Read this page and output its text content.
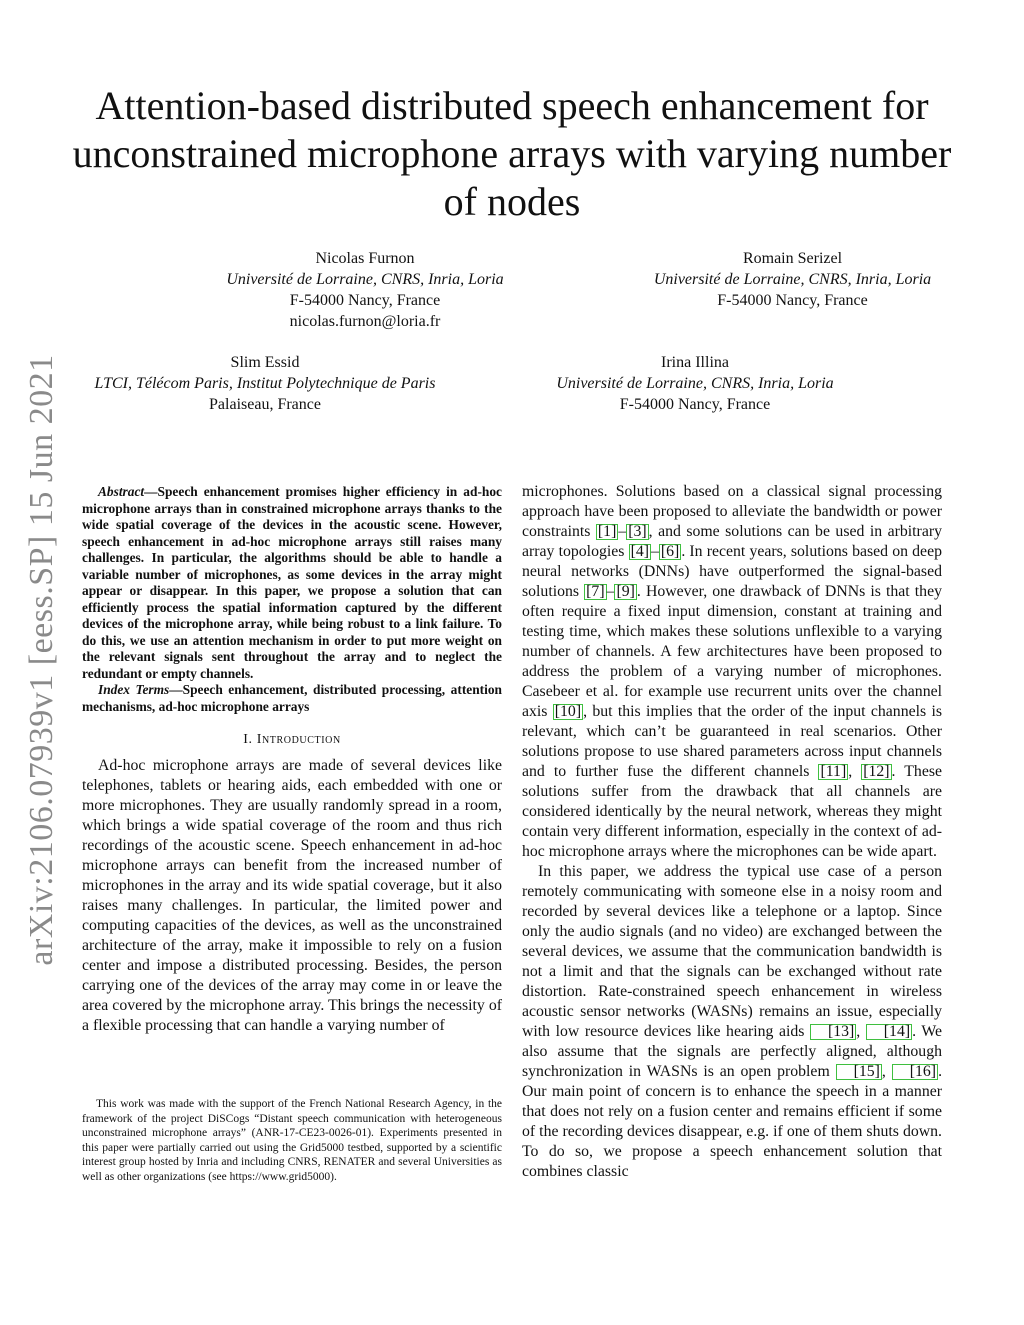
arXiv:2106.07939v1 [eess.SP] 15 Jun 2021
Attention-based distributed speech enhancement for unconstrained microphone arrays with varying number of nodes
Nicolas Furnon
Université de Lorraine, CNRS, Inria, Loria
F-54000 Nancy, France
nicolas.furnon@loria.fr
Romain Serizel
Université de Lorraine, CNRS, Inria, Loria
F-54000 Nancy, France
Slim Essid
LTCI, Télécom Paris, Institut Polytechnique de Paris
Palaiseau, France
Irina Illina
Université de Lorraine, CNRS, Inria, Loria
F-54000 Nancy, France

Abstract—Speech enhancement promises higher efficiency in ad-hoc microphone arrays than in constrained microphone arrays thanks to the wide spatial coverage of the devices in the acoustic scene. However, speech enhancement in ad-hoc microphone arrays still raises many challenges. In particular, the algorithms should be able to handle a variable number of microphones, as some devices in the array might appear or disappear. In this paper, we propose a solution that can efficiently process the spatial information captured by the different devices of the microphone array, while being robust to a link failure. To do this, we use an attention mechanism in order to put more weight on the relevant signals sent throughout the array and to neglect the redundant or empty channels.

Index Terms—Speech enhancement, distributed processing, attention mechanisms, ad-hoc microphone arrays

I. Introduction

Ad-hoc microphone arrays are made of several devices like telephones, tablets or hearing aids, each embedded with one or more microphones. They are usually randomly spread in a room, which brings a wide spatial coverage of the room and thus rich recordings of the acoustic scene. Speech enhancement in ad-hoc microphone arrays can benefit from the increased number of microphones in the array and its wide spatial coverage, but it also raises many challenges. In particular, the limited power and computing capacities of the devices, as well as the unconstrained architecture of the array, make it impossible to rely on a fusion center and impose a distributed processing. Besides, the person carrying one of the devices of the array may come in or leave the area covered by the microphone array. This brings the necessity of a flexible processing that can handle a varying number of

microphones. Solutions based on a classical signal processing approach have been proposed to alleviate the bandwidth or power constraints [1] – [3] , and some solutions can be used in arbitrary array topologies [4] – [6] . In recent years, solutions based on deep neural networks (DNNs) have outperformed the signal-based solutions [7] – [9] . However, one drawback of DNNs is that they often require a fixed input dimension, constant at training and testing time, which makes these solutions unflexible to a varying number of channels. A few architectures have been proposed to address the problem of a varying number of microphones. Casebeer et al. for example use recurrent units over the channel axis [10] , but this implies that the order of the input channels is relevant, which can’t be guaranteed in real scenarios. Other solutions propose to use shared parameters across input channels and to further fuse the different channels [11] , [12] . These solutions suffer from the drawback that all channels are considered identically by the neural network, whereas they might contain very different information, especially in the context of ad-hoc microphone arrays where the microphones can be wide apart.

In this paper, we address the typical use case of a person remotely communicating with someone else in a noisy room and recorded by several devices like a telephone or a laptop. Since only the audio signals (and no video) are exchanged between the several devices, we assume that the communication bandwidth is not a limit and that the signals can be exchanged without rate distortion. Rate-constrained speech enhancement in wireless acoustic sensor networks (WASNs) remains an issue, especially with low resource devices like hearing aids [13] , [14] . We also assume that the signals are perfectly aligned, although synchronization in WASNs is an open problem [15] , [16] . Our main point of concern is to enhance the speech in a manner that does not rely on a fusion center and remains efficient if some of the recording devices disappear, e.g. if one of them shuts down. To do so, we propose a speech enhancement solution that combines classic

This work was made with the support of the French National Research Agency, in the framework of the project DiSCogs “Distant speech communication with heterogeneous unconstrained microphone arrays” (ANR-17-CE23-0026-01). Experiments presented in this paper were partially carried out using the Grid5000 testbed, supported by a scientific interest group hosted by Inria and including CNRS, RENATER and several Universities as well as other organizations (see https://www.grid5000).
